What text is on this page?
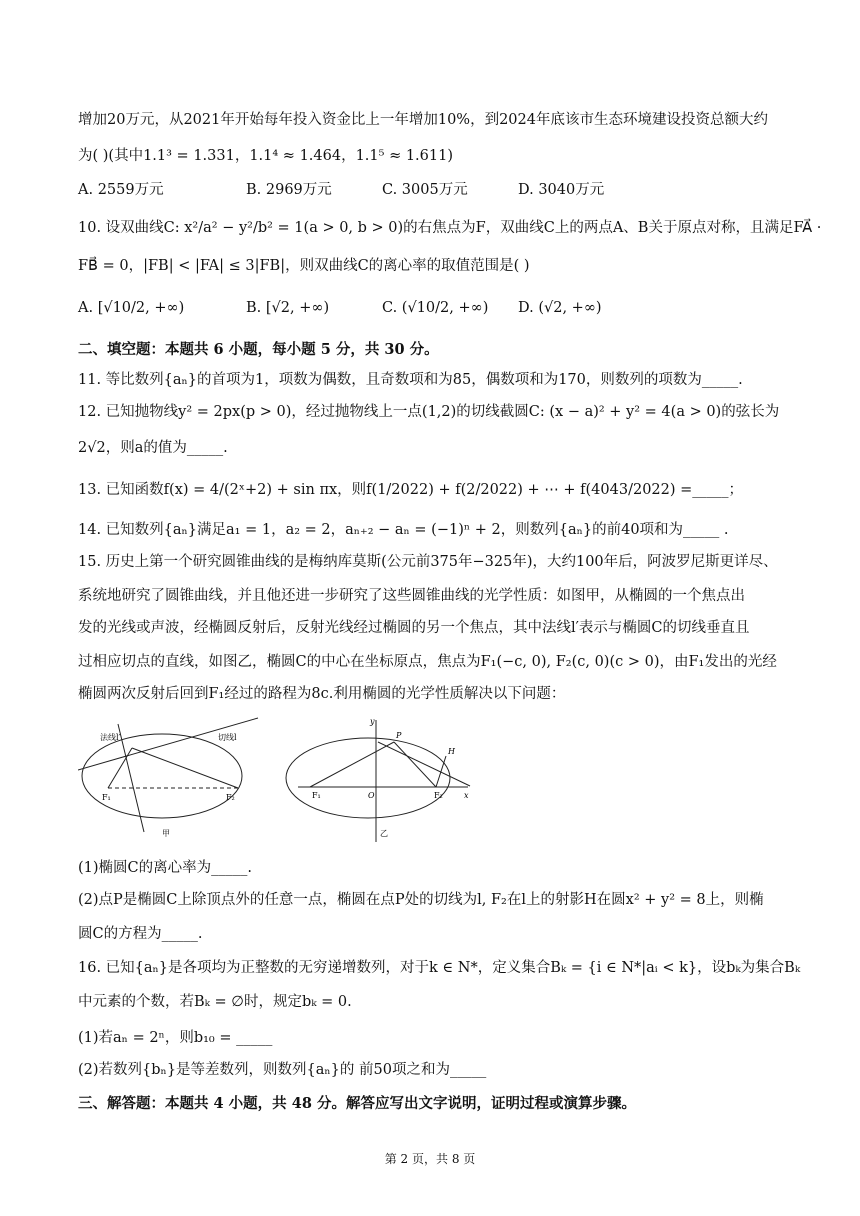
增加20万元，从2021年开始每年投入资金比上一年增加10%，到2024年底该市生态环境建设投资总额大约
为( )(其中1.1³ = 1.331，1.1⁴ ≈ 1.464，1.1⁵ ≈ 1.611)
A. 2559万元	B. 2969万元	C. 3005万元	D. 3040万元
10. 设双曲线C: x²/a² − y²/b² = 1(a > 0, b > 0)的右焦点为F，双曲线C上的两点A、B关于原点对称，且满足FA⃗ ·
FB⃗ = 0，|FB| < |FA| ≤ 3|FB|，则双曲线C的离心率的取值范围是( )
A. [√10/2, +∞)	B. [√2, +∞)	C. (√10/2, +∞) D. (√2, +∞)
二、填空题：本题共 6 小题，每小题 5 分，共 30 分。
11. 等比数列{aₙ}的首项为1，项数为偶数，且奇数项和为85，偶数项和为170，则数列的项数为_____.
12. 已知抛物线y² = 2px(p > 0)，经过抛物线上一点(1,2)的切线截圆C: (x − a)² + y² = 4(a > 0)的弦长为
2√2，则a的值为_____.
13. 已知函数f(x) = 4/(2ˣ+2) + sin πx，则f(1/2022) + f(2/2022) + ⋯ + f(4043/2022) =_____；
14. 已知数列{aₙ}满足a₁ = 1，a₂ = 2，aₙ₊₂ − aₙ = (−1)ⁿ + 2，则数列{aₙ}的前40项和为_____ .
15. 历史上第一个研究圆锥曲线的是梅纳库莫斯(公元前375年−325年)，大约100年后，阿波罗尼斯更详尽、
系统地研究了圆锥曲线，并且他还进一步研究了这些圆锥曲线的光学性质：如图甲，从椭圆的一个焦点出
发的光线或声波，经椭圆反射后，反射光线经过椭圆的另一个焦点，其中法线l′表示与椭圆C的切线垂直且
过相应切点的直线，如图乙，椭圆C的中心在坐标原点，焦点为F₁(−c, 0), F₂(c, 0)(c > 0)，由F₁发出的光经
椭圆两次反射后回到F₁经过的路程为8c.利用椭圆的光学性质解决以下问题：
法线l′	切线l
F₁	F₂
甲
y
x
O
P
H
F₁	F₂
乙
(1)椭圆C的离心率为_____.
(2)点P是椭圆C上除顶点外的任意一点，椭圆在点P处的切线为l, F₂在l上的射影H在圆x² + y² = 8上，则椭
圆C的方程为_____.
16. 已知{aₙ}是各项均为正整数的无穷递增数列，对于k ∈ N*，定义集合Bₖ = {i ∈ N*|aᵢ < k}，设bₖ为集合Bₖ
中元素的个数，若Bₖ = ∅时，规定bₖ = 0.
(1)若aₙ = 2ⁿ，则b₁₀ = _____
(2)若数列{bₙ}是等差数列，则数列{aₙ}的 前50项之和为_____
三、解答题：本题共 4 小题，共 48 分。解答应写出文字说明，证明过程或演算步骤。
第 2 页，共 8 页
